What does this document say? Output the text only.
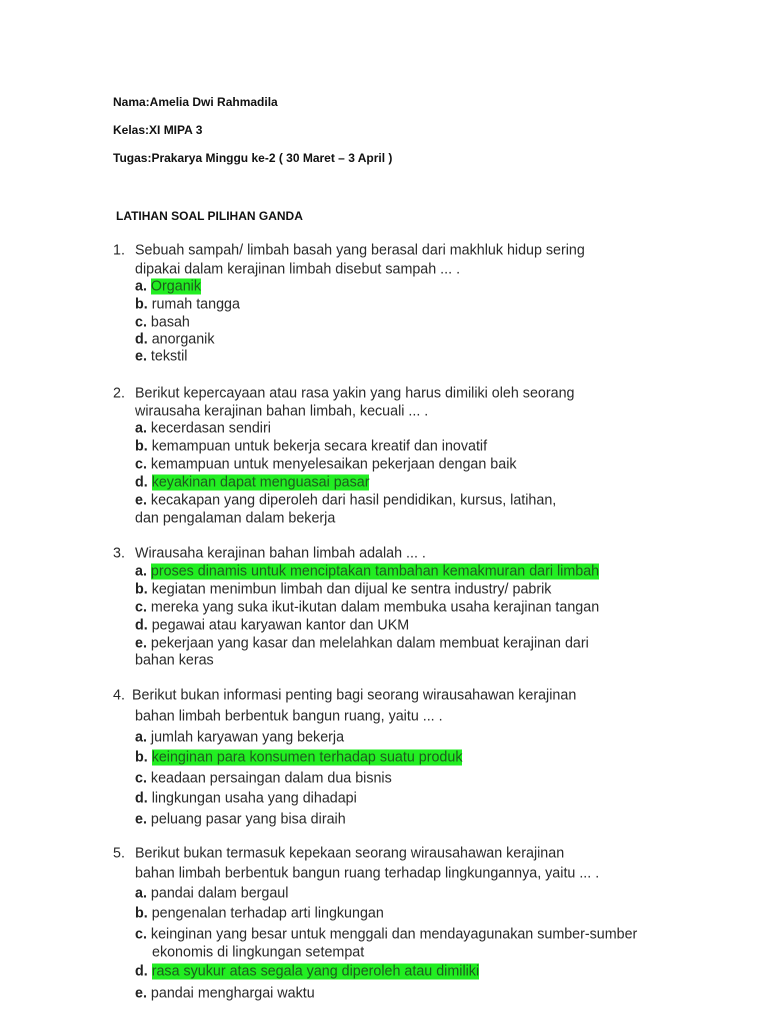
Nama:Amelia Dwi Rahmadila
Kelas:XI MIPA 3
Tugas:Prakarya Minggu ke-2 ( 30 Maret – 3 April )
LATIHAN SOAL PILIHAN GANDA
1. Sebuah sampah/ limbah basah yang berasal dari makhluk hidup sering
dipakai dalam kerajinan limbah disebut sampah ... .
a. Organik
b. rumah tangga
c. basah
d. anorganik
e. tekstil
2. Berikut kepercayaan atau rasa yakin yang harus dimiliki oleh seorang
wirausaha kerajinan bahan limbah, kecuali ... .
a. kecerdasan sendiri
b. kemampuan untuk bekerja secara kreatif dan inovatif
c. kemampuan untuk menyelesaikan pekerjaan dengan baik
d. keyakinan dapat menguasai pasar
e. kecakapan yang diperoleh dari hasil pendidikan, kursus, latihan,
dan pengalaman dalam bekerja
3. Wirausaha kerajinan bahan limbah adalah ... .
a. proses dinamis untuk menciptakan tambahan kemakmuran dari limbah
b. kegiatan menimbun limbah dan dijual ke sentra industry/ pabrik
c. mereka yang suka ikut-ikutan dalam membuka usaha kerajinan tangan
d. pegawai atau karyawan kantor dan UKM
e. pekerjaan yang kasar dan melelahkan dalam membuat kerajinan dari
bahan keras
4. Berikut bukan informasi penting bagi seorang wirausahawan kerajinan
bahan limbah berbentuk bangun ruang, yaitu ... .
a. jumlah karyawan yang bekerja
b. keinginan para konsumen terhadap suatu produk
c. keadaan persaingan dalam dua bisnis
d. lingkungan usaha yang dihadapi
e. peluang pasar yang bisa diraih
5. Berikut bukan termasuk kepekaan seorang wirausahawan kerajinan
bahan limbah berbentuk bangun ruang terhadap lingkungannya, yaitu ... .
a. pandai dalam bergaul
b. pengenalan terhadap arti lingkungan
c. keinginan yang besar untuk menggali dan mendayagunakan sumber-sumber
ekonomis di lingkungan setempat
d. rasa syukur atas segala yang diperoleh atau dimiliki
e. pandai menghargai waktu
